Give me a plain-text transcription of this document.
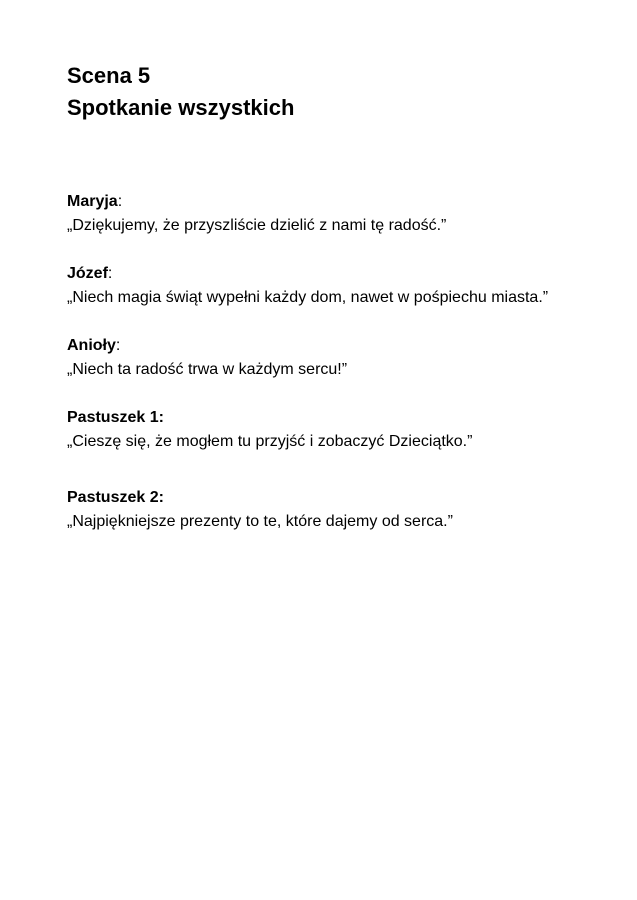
Scena 5
Spotkanie wszystkich
Maryja:
„Dziękujemy, że przyszliście dzielić z nami tę radość.”
Józef:
„Niech magia świąt wypełni każdy dom, nawet w pośpiechu miasta.”
Anioły:
„Niech ta radość trwa w każdym sercu!”
Pastuszek 1:
„Cieszę się, że mogłem tu przyjść i zobaczyć Dzieciątko.”
Pastuszek 2:
„Najpiękniejsze prezenty to te, które dajemy od serca.”
